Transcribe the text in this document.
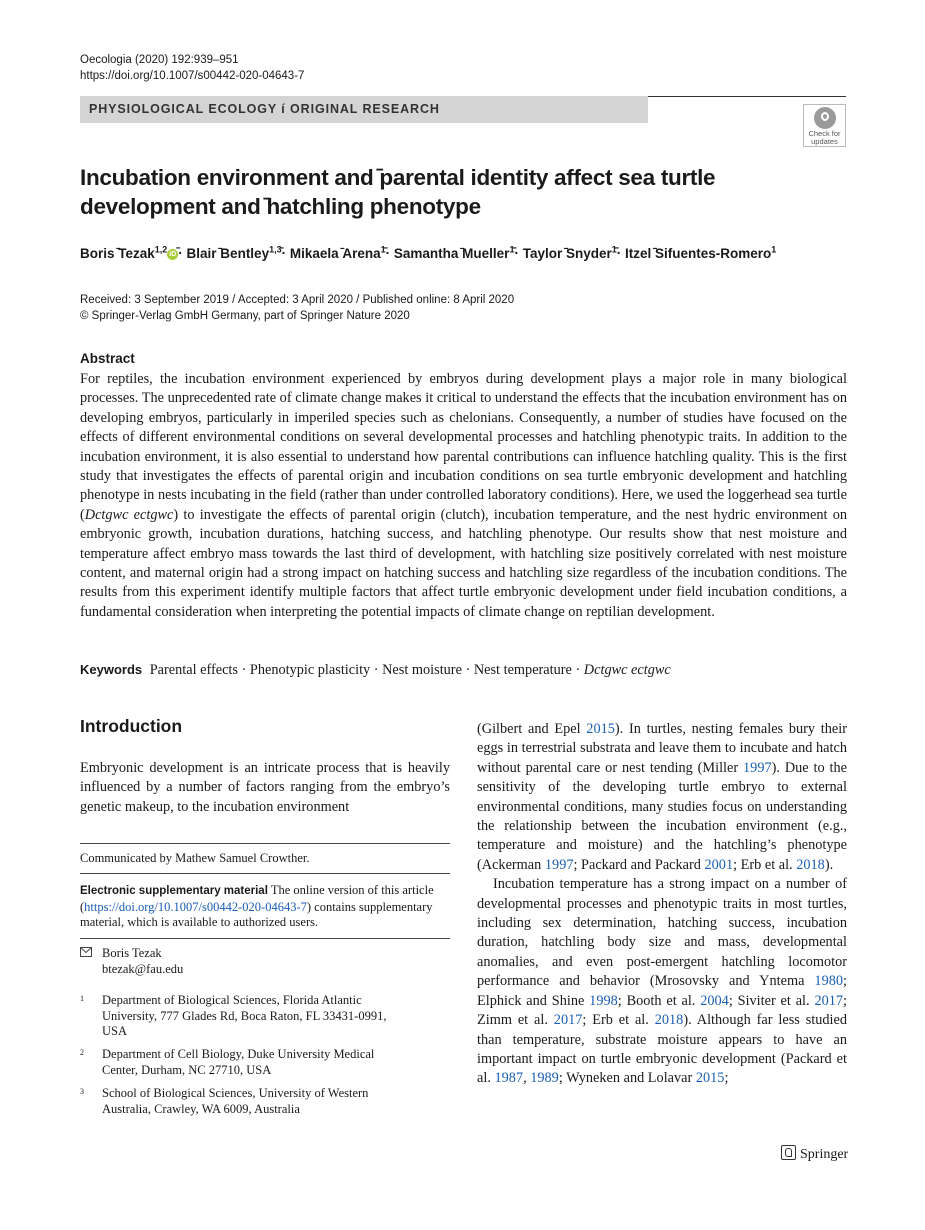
Oecologia (2020) 192:939–951
https://doi.org/10.1007/s00442-020-04643-7
PHYSIOLOGICAL ECOLOGY í ORIGINAL RESEARCH
Check for
updates
Incubation environment and ̄parental identity affect sea turtle
development and ̄hatchling phenotype
Boris ̄Tezak$^{1,2}$ iD ̄· Blair ̄Bentley$^{1,3}$̄· Mikaela ̄Arena$^1$̄· Samantha ̄Mueller$^1$̄· Taylor ̄Snyder$^1$̄· Itzel ̄Sifuentes-Romero$^1$
Received: 3 September 2019 / Accepted: 3 April 2020 / Published online: 8 April 2020
© Springer-Verlag GmbH Germany, part of Springer Nature 2020
Abstract
For reptiles, the incubation environment experienced by embryos during development plays a major role in many biological processes. The unprecedented rate of climate change makes it critical to understand the effects that the incubation environment has on developing embryos, particularly in imperiled species such as chelonians. Consequently, a number of studies have focused on the effects of different environmental conditions on several developmental processes and hatchling phenotypic traits. In addition to the incubation environment, it is also essential to understand how parental contributions can influence hatchling quality. This is the first study that investigates the effects of parental origin and incubation conditions on sea turtle embryonic development and hatchling phenotype in nests incubating in the field (rather than under controlled laboratory conditions). Here, we used the loggerhead sea turtle (Dctgwc ectgwc) to investigate the effects of parental origin (clutch), incubation temperature, and the nest hydric environment on embryonic growth, incubation durations, hatching success, and hatchling phenotype. Our results show that nest moisture and temperature affect embryo mass towards the last third of development, with hatchling size positively correlated with nest moisture content, and maternal origin had a strong impact on hatching success and hatchling size regardless of the incubation conditions. The results from this experiment identify multiple factors that affect turtle embryonic development under field incubation conditions, a fundamental consideration when interpreting the potential impacts of climate change on reptilian development.
Keywords Parental effects · Phenotypic plasticity · Nest moisture · Nest temperature · Dctgwc ectgwc
Introduction
Embryonic development is an intricate process that is heavily influenced by a number of factors ranging from the embryo’s genetic makeup, to the incubation environment
Communicated by Mathew Samuel Crowther.
Electronic supplementary material The online version of this article (https://doi.org/10.1007/s00442-020-04643-7) contains supplementary material, which is available to authorized users.
Boris Tezak
btezak@fau.edu
1 Department of Biological Sciences, Florida Atlantic University, 777 Glades Rd, Boca Raton, FL 33431-0991, USA
2 Department of Cell Biology, Duke University Medical Center, Durham, NC 27710, USA
3 School of Biological Sciences, University of Western Australia, Crawley, WA 6009, Australia

(Gilbert and Epel 2015). In turtles, nesting females bury their eggs in terrestrial substrata and leave them to incubate and hatch without parental care or nest tending (Miller 1997). Due to the sensitivity of the developing turtle embryo to external environmental conditions, many studies focus on understanding the relationship between the incubation environment (e.g., temperature and moisture) and the hatchling’s phenotype (Ackerman 1997; Packard and Packard 2001; Erb et al. 2018).

Incubation temperature has a strong impact on a number of developmental processes and phenotypic traits in most turtles, including sex determination, hatching success, incubation duration, hatchling body size and mass, developmental anomalies, and even post-emergent hatchling locomotor performance and behavior (Mrosovsky and Yntema 1980; Elphick and Shine 1998; Booth et al. 2004; Siviter et al. 2017; Zimm et al. 2017; Erb et al. 2018). Although far less studied than temperature, substrate moisture appears to have an important impact on turtle embryonic development (Packard et al. 1987, 1989; Wyneken and Lolavar 2015;

Springer
